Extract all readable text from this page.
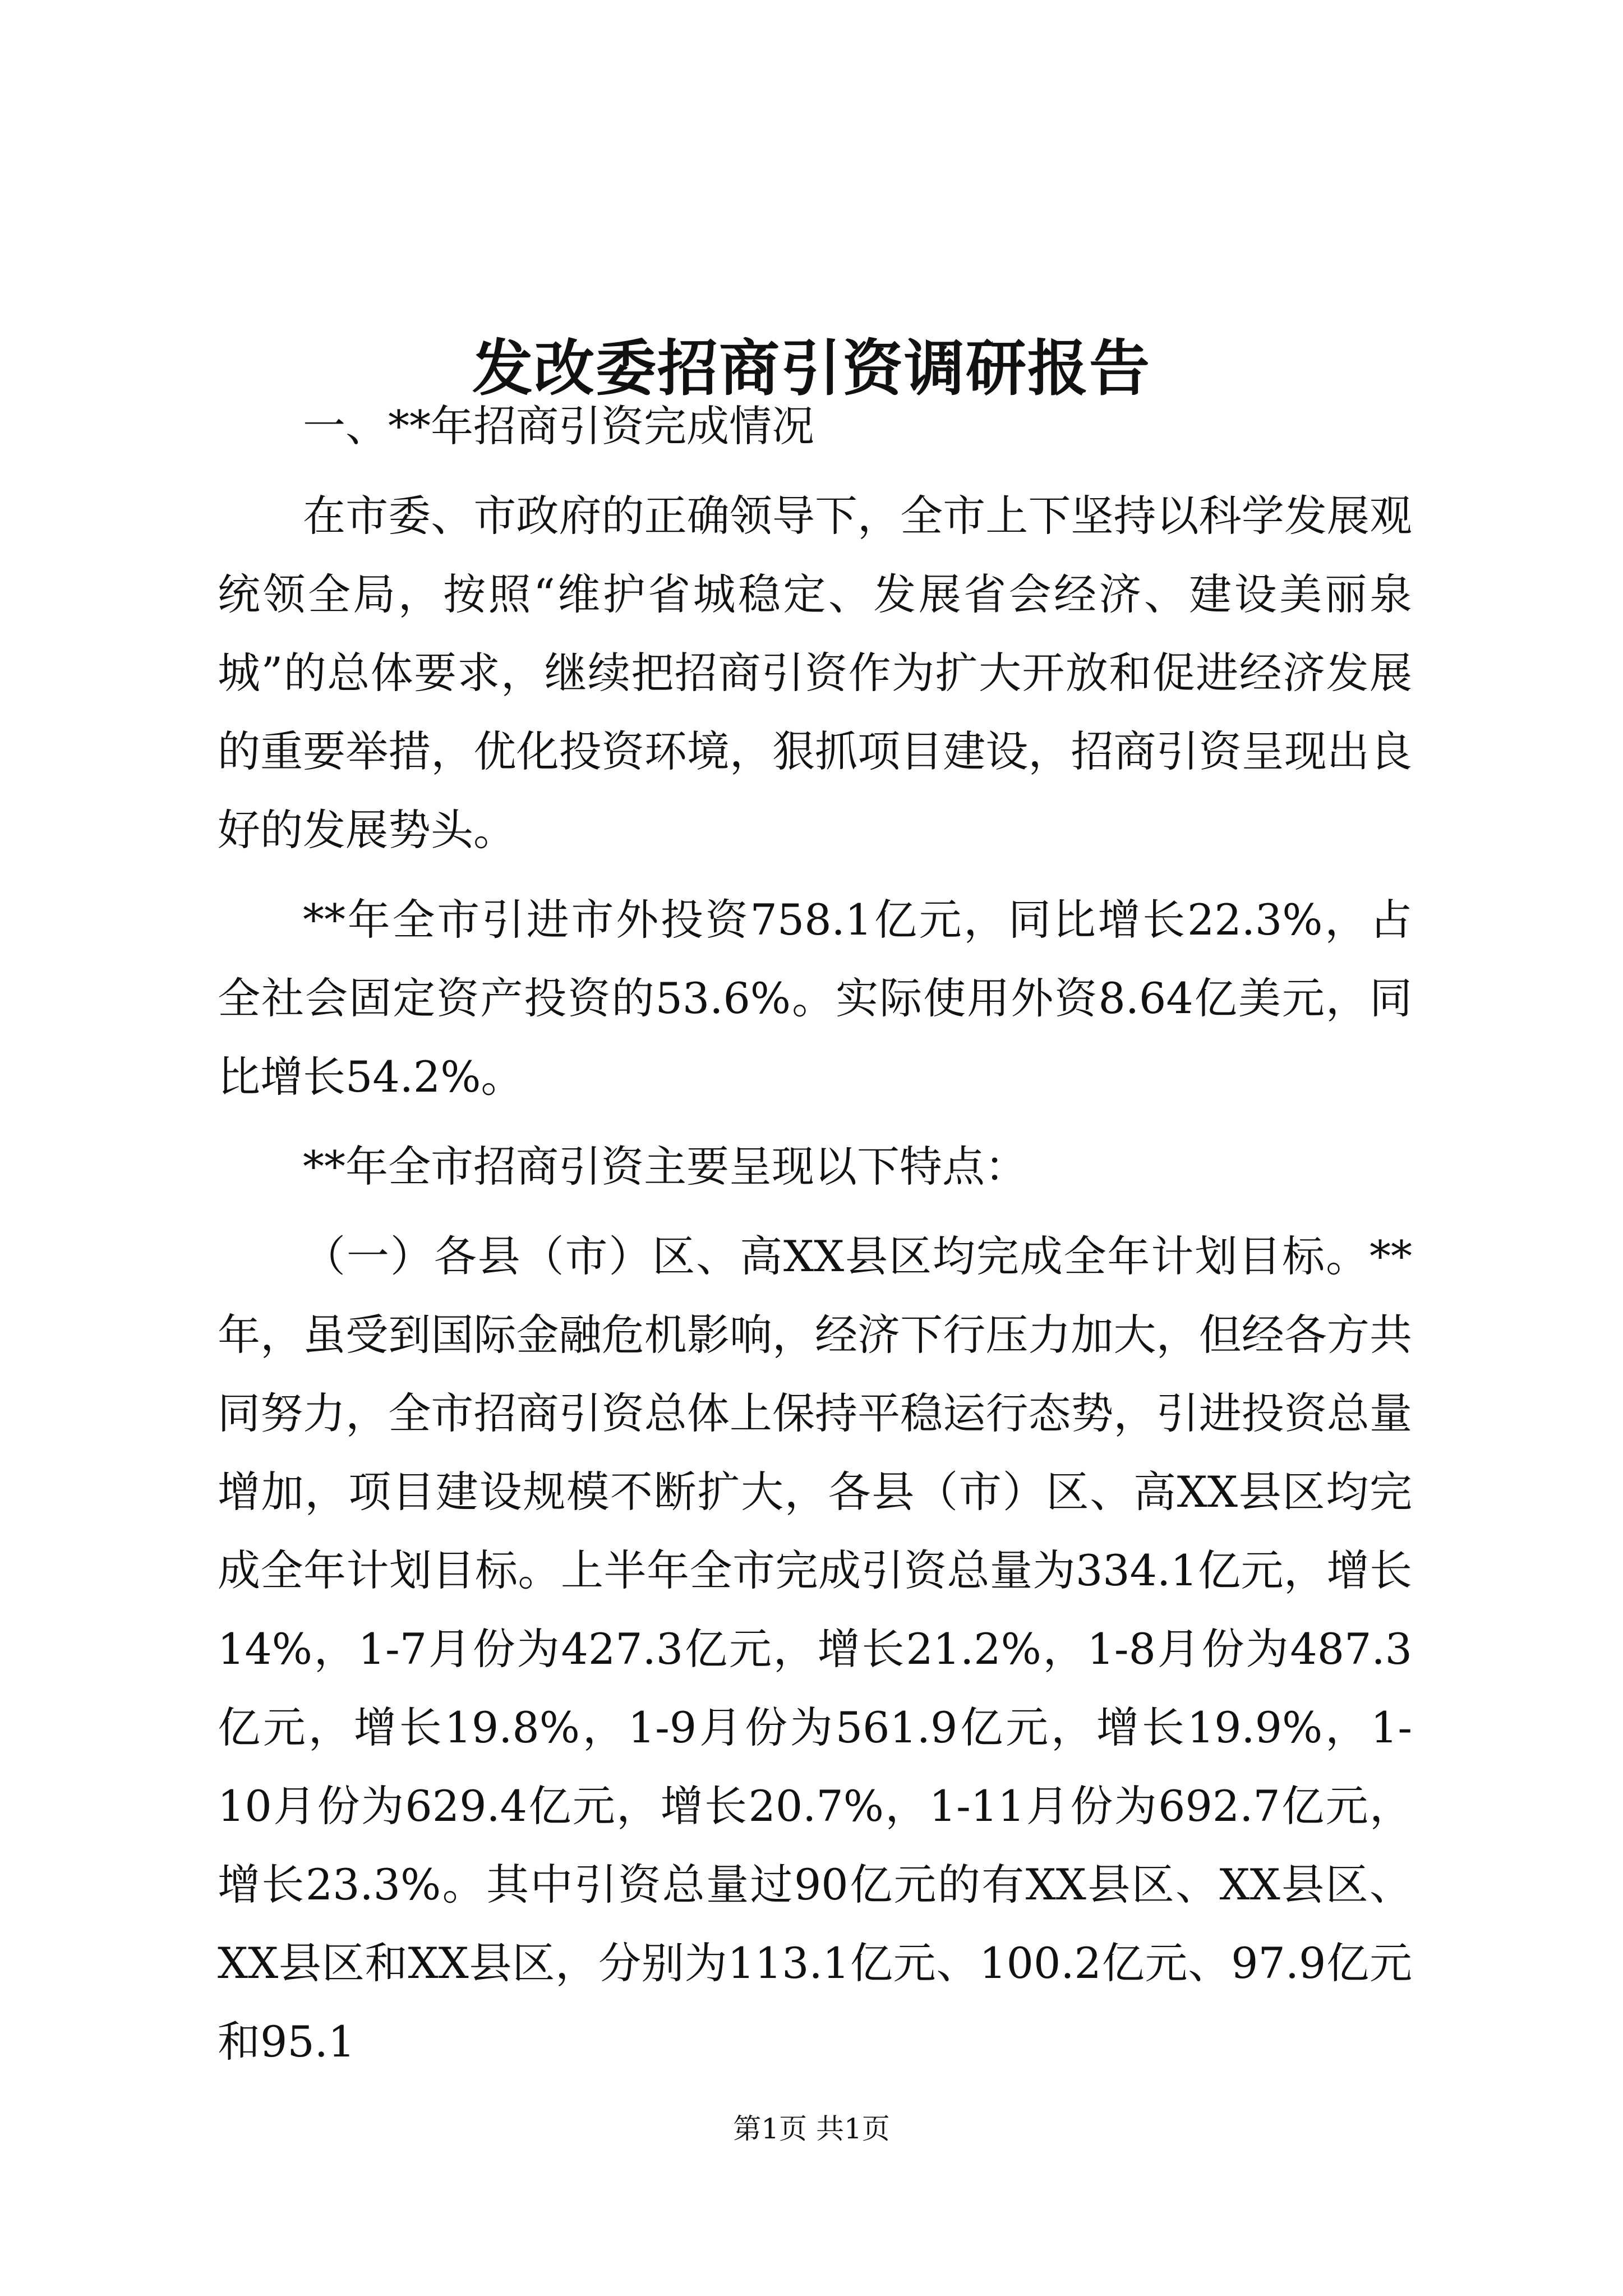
发改委招商引资调研报告

一、**年招商引资完成情况

在市委、市政府的正确领导下，全市上下坚持以科学发展观统领全局，按照“维护省城稳定、发展省会经济、建设美丽泉城”的总体要求，继续把招商引资作为扩大开放和促进经济发展的重要举措，优化投资环境，狠抓项目建设，招商引资呈现出良好的发展势头。

**年全市引进市外投资758.1亿元，同比增长22.3%，占全社会固定资产投资的53.6%。实际使用外资8.64亿美元，同比增长54.2%。

**年全市招商引资主要呈现以下特点：

（一）各县（市）区、高XX县区均完成全年计划目标。**年，虽受到国际金融危机影响，经济下行压力加大，但经各方共同努力，全市招商引资总体上保持平稳运行态势，引进投资总量增加，项目建设规模不断扩大，各县（市）区、高XX县区均完成全年计划目标。上半年全市完成引资总量为334.1亿元，增长14%，1-7月份为427.3亿元，增长21.2%，1-8月份为487.3亿元，增长19.8%，1-9月份为561.9亿元，增长19.9%，1-10月份为629.4亿元，增长20.7%，1-11月份为692.7亿元，增长23.3%。其中引资总量过90亿元的有XX县区、XX县区、XX县区和XX县区，分别为113.1亿元、100.2亿元、97.9亿元和95.1

第1页 共1页
